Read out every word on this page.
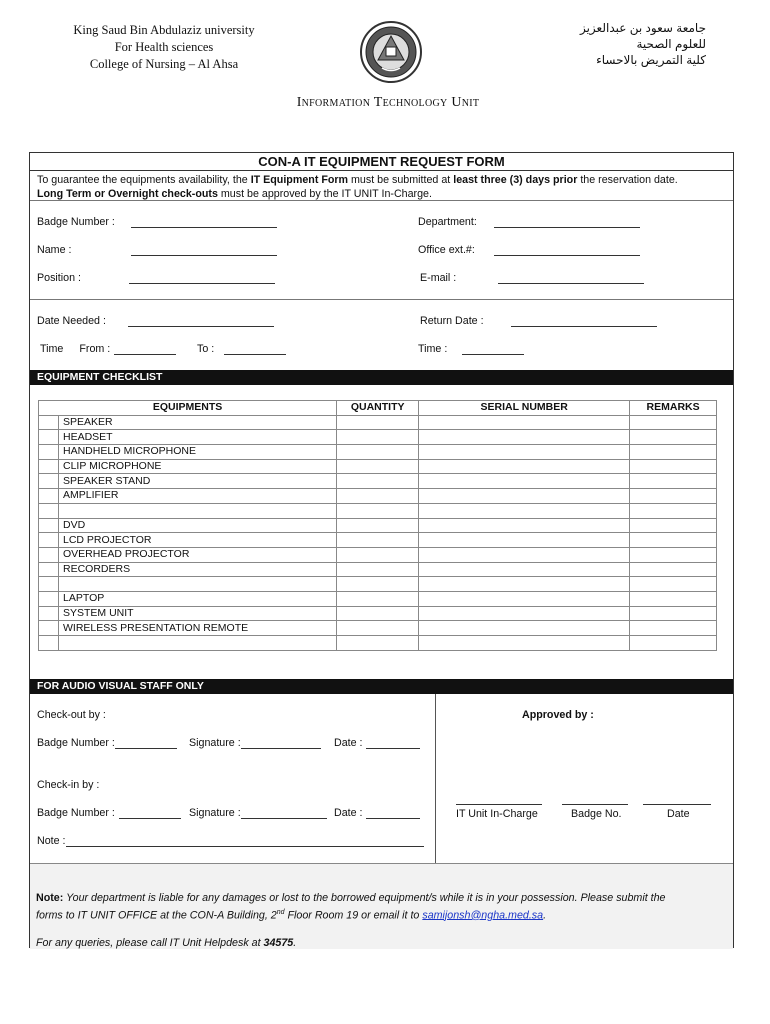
King Saud Bin Abdulaziz university
For Health sciences
College of Nursing – Al Ahsa
جامعة سعود بن عبدالعزيز
للعلوم الصحية
كلية التمريض بالاحساء
Information Technology Unit
CON-A IT EQUIPMENT REQUEST FORM
To guarantee the equipments availability, the IT Equipment Form must be submitted at least three (3) days prior the reservation date.
Long Term or Overnight check-outs must be approved by the IT UNIT In-Charge.
Badge Number :	Department:
Name :	Office ext.#:
Position :	E-mail :
Date Needed :	Return Date :
Time From :	To :	Time :
EQUIPMENT CHECKLIST
EQUIPMENTS		QUANTITY	SERIAL NUMBER	REMARKS
	SPEAKER			
	HEADSET			
	HANDHELD MICROPHONE			
	CLIP MICROPHONE			
	SPEAKER STAND			
	AMPLIFIER			

	DVD			
	LCD PROJECTOR			
	OVERHEAD PROJECTOR			
	RECORDERS			

	LAPTOP			
	SYSTEM UNIT			
	WIRELESS PRESENTATION REMOTE			

FOR AUDIO VISUAL STAFF ONLY
Check-out by :	Approved by :
Badge Number :	Signature :	Date :
Check-in by :
Badge Number :	Signature :	Date :
Note :
IT Unit In-Charge	Badge No.	Date
Note: Your department is liable for any damages or lost to the borrowed equipment/s while it is in your possession. Please submit the
forms to IT UNIT OFFICE at the CON-A Building, 2nd Floor Room 19 or email it to samijonsh@ngha.med.sa.
For any queries, please call IT Unit Helpdesk at 34575.
